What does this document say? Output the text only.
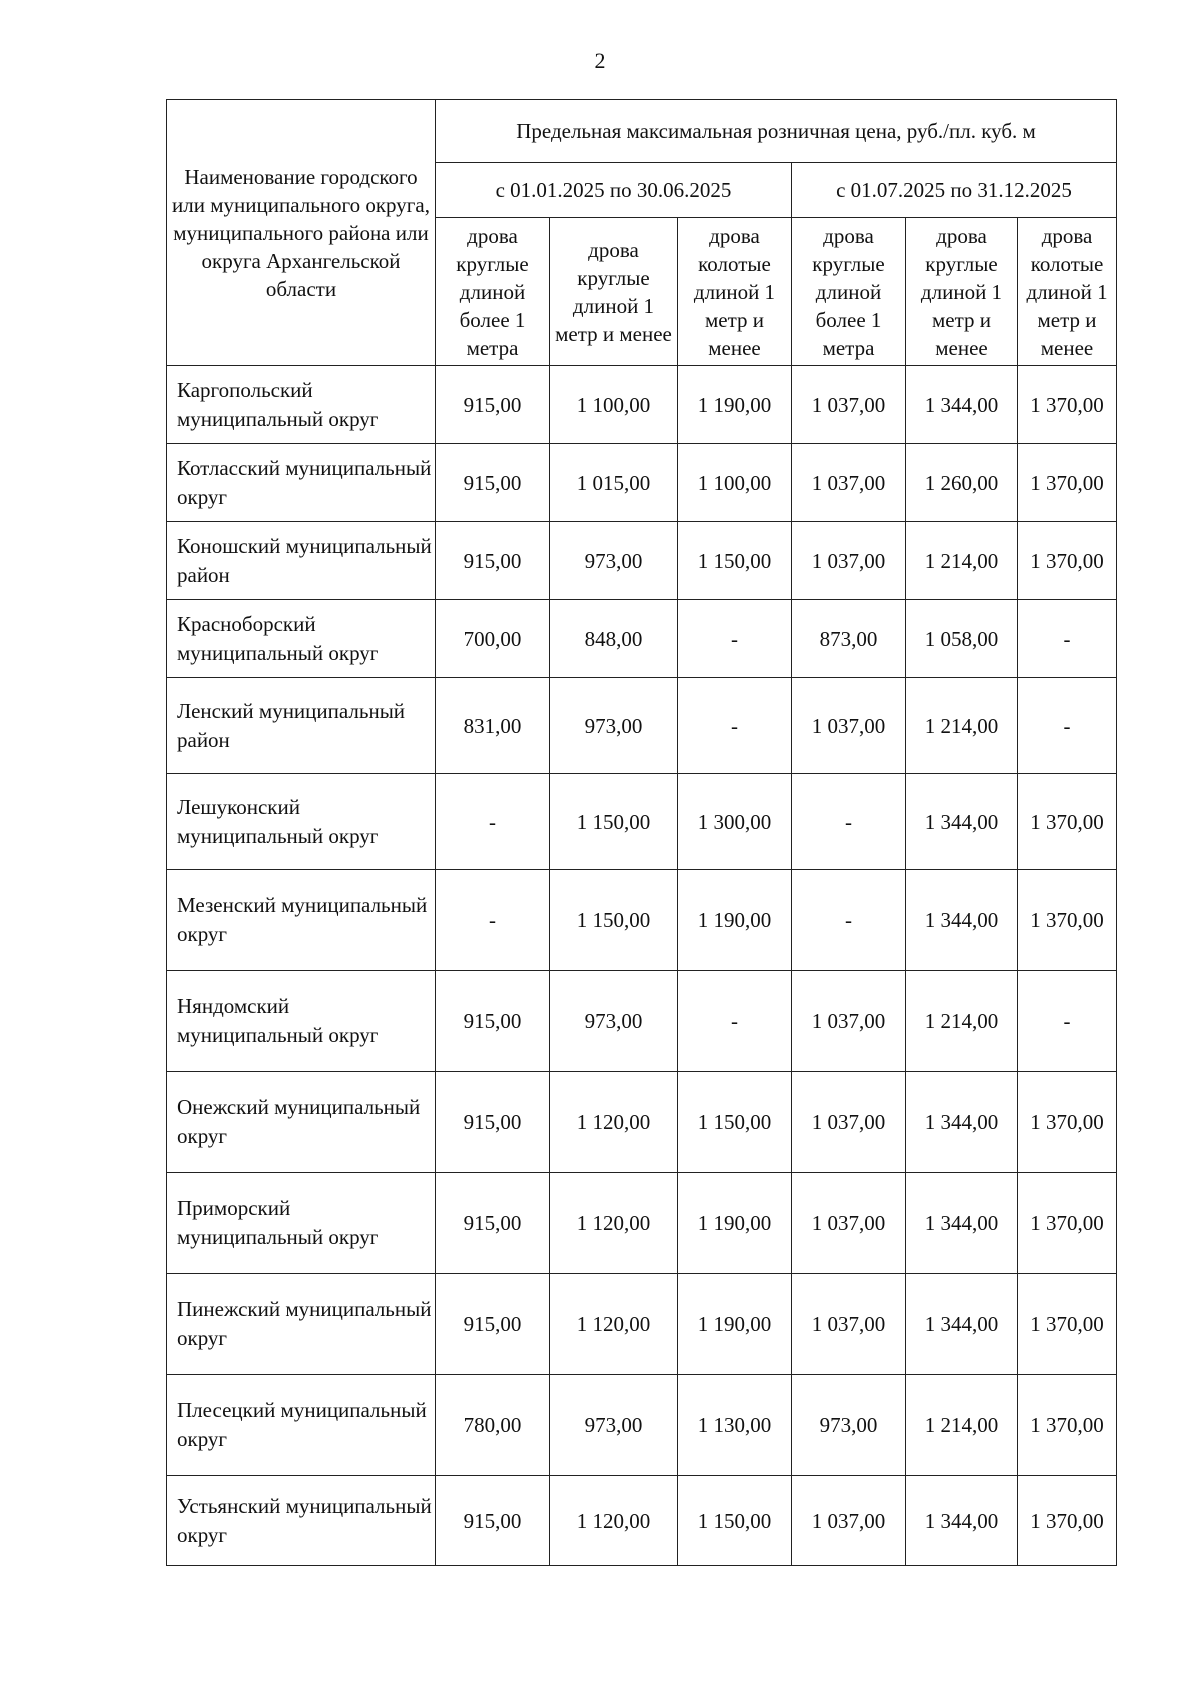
2
Наименование городского или муниципального округа, муниципального района или округа Архангельской области	Предельная максимальная розничная цена, руб./пл. куб. м					
	с 01.01.2025 по 30.06.2025			с 01.07.2025 по 31.12.2025		
	дрова круглые длиной более 1 метра	дрова круглые длиной 1 метр и менее	дрова колотые длиной 1 метр и менее	дрова круглые длиной более 1 метра	дрова круглые длиной 1 метр и менее	дрова колотые длиной 1 метр и менее
Каргопольский муниципальный округ	915,00	1 100,00	1 190,00	1 037,00	1 344,00	1 370,00
Котласский муниципальный округ	915,00	1 015,00	1 100,00	1 037,00	1 260,00	1 370,00
Коношский муниципальный район	915,00	973,00	1 150,00	1 037,00	1 214,00	1 370,00
Красноборский муниципальный округ	700,00	848,00	-	873,00	1 058,00	-
Ленский муниципальный район	831,00	973,00	-	1 037,00	1 214,00	-
Лешуконский муниципальный округ	-	1 150,00	1 300,00	-	1 344,00	1 370,00
Мезенский муниципальный округ	-	1 150,00	1 190,00	-	1 344,00	1 370,00
Няндомский муниципальный округ	915,00	973,00	-	1 037,00	1 214,00	-
Онежский муниципальный округ	915,00	1 120,00	1 150,00	1 037,00	1 344,00	1 370,00
Приморский муниципальный округ	915,00	1 120,00	1 190,00	1 037,00	1 344,00	1 370,00
Пинежский муниципальный округ	915,00	1 120,00	1 190,00	1 037,00	1 344,00	1 370,00
Плесецкий муниципальный округ	780,00	973,00	1 130,00	973,00	1 214,00	1 370,00
Устьянский муниципальный округ	915,00	1 120,00	1 150,00	1 037,00	1 344,00	1 370,00
